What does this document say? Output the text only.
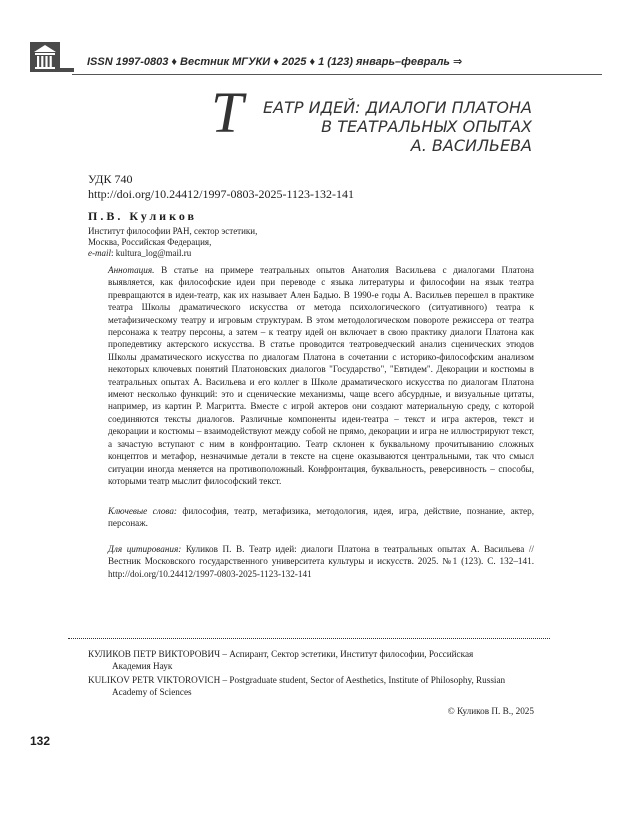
ISSN 1997-0803 ♦ Вестник МГУКИ ♦ 2025 ♦ 1 (123) январь–февраль ⇒
Т ЕАТР ИДЕЙ: ДИАЛОГИ ПЛАТОНА
В ТЕАТРАЛЬНЫХ ОПЫТАХ
А. ВАСИЛЬЕВА
УДК 740
http://doi.org/10.24412/1997-0803-2025-1123-132-141
П.В. Куликов
Институт философии РАН, сектор эстетики,
Москва, Российская Федерация,
e-mail: kultura_log@mail.ru
Аннотация. В статье на примере театральных опытов Анатолия Васильева с диалогами Платона выявляется, как философские идеи при переводе с языка литературы и философии на язык театра превращаются в идеи-театр, как их называет Ален Бадью. В 1990-е годы А. Васильев перешел в практике театра Школы драматического искусства от метода психологического (ситуативного) театра к метафизическому театру и игровым структурам. В этом методологическом повороте режиссера от театра персонажа к театру персоны, а затем – к театру идей он включает в свою практику диалоги Платона как пропедевтику актерского искусства. В статье проводится театроведческий анализ сценических этюдов Школы драматического искусства по диалогам Платона в сочетании с историко-философским анализом некоторых ключевых понятий Платоновских диалогов "Государство", "Евтидем". Декорации и костюмы в театральных опытах А. Васильева и его коллег в Школе драматического искусства по диалогам Платона имеют несколько функций: это и сценические механизмы, чаще всего абсурдные, и визуальные цитаты, например, из картин Р. Магритта. Вместе с игрой актеров они создают материальную среду, с которой соединяются тексты диалогов. Различные компоненты идеи-театра – текст и игра актеров, текст и декорации и костюмы – взаимодействуют между собой не прямо, декорации и игра не иллюстрируют текст, а зачастую вступают с ним в конфронтацию. Театр склонен к буквальному прочитыванию сложных концептов и метафор, незначимые детали в тексте на сцене оказываются центральными, так что смысл ситуации иногда меняется на противоположный. Конфронтация, буквальность, реверсивность – способы, которыми театр мыслит философский текст.
Ключевые слова: философия, театр, метафизика, методология, идея, игра, действие, познание, актер, персонаж.
Для цитирования: Куликов П. В. Театр идей: диалоги Платона в театральных опытах А. Васильева // Вестник Московского государственного университета культуры и искусств. 2025. №1 (123). С. 132–141. http://doi.org/10.24412/1997-0803-2025-1123-132-141
КУЛИКОВ ПЕТР ВИКТОРОВИЧ – Аспирант, Сектор эстетики, Институт философии, Российская
Академия Наук
KULIKOV PETR VIKTOROVICH – Postgraduate student, Sector of Aesthetics, Institute of Philosophy, Russian
Academy of Sciences
© Куликов П. В., 2025
132
